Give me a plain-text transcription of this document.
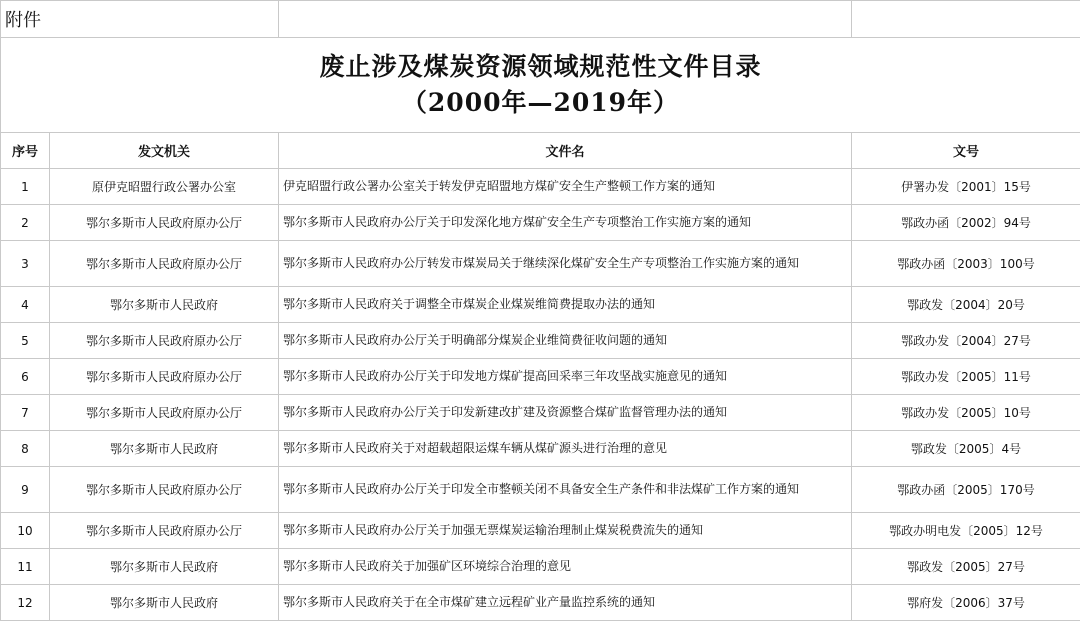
附件			

废止涉及煤炭资源领域规范性文件目录
（2000年—2019年）			

序号	发文机关	文件名	文号
1	原伊克昭盟行政公署办公室	伊克昭盟行政公署办公室关于转发伊克昭盟地方煤矿安全生产整顿工作方案的通知	伊署办发〔2001〕15号
2	鄂尔多斯市人民政府原办公厅	鄂尔多斯市人民政府办公厅关于印发深化地方煤矿安全生产专项整治工作实施方案的通知	鄂政办函〔2002〕94号
3	鄂尔多斯市人民政府原办公厅	鄂尔多斯市人民政府办公厅转发市煤炭局关于继续深化煤矿安全生产专项整治工作实施方案的通知	鄂政办函〔2003〕100号
4	鄂尔多斯市人民政府	鄂尔多斯市人民政府关于调整全市煤炭企业煤炭维简费提取办法的通知	鄂政发〔2004〕20号
5	鄂尔多斯市人民政府原办公厅	鄂尔多斯市人民政府办公厅关于明确部分煤炭企业维简费征收问题的通知	鄂政办发〔2004〕27号
6	鄂尔多斯市人民政府原办公厅	鄂尔多斯市人民政府办公厅关于印发地方煤矿提高回采率三年攻坚战实施意见的通知	鄂政办发〔2005〕11号
7	鄂尔多斯市人民政府原办公厅	鄂尔多斯市人民政府办公厅关于印发新建改扩建及资源整合煤矿监督管理办法的通知	鄂政办发〔2005〕10号
8	鄂尔多斯市人民政府	鄂尔多斯市人民政府关于对超载超限运煤车辆从煤矿源头进行治理的意见	鄂政发〔2005〕4号
9	鄂尔多斯市人民政府原办公厅	鄂尔多斯市人民政府办公厅关于印发全市整顿关闭不具备安全生产条件和非法煤矿工作方案的通知	鄂政办函〔2005〕170号
10	鄂尔多斯市人民政府原办公厅	鄂尔多斯市人民政府办公厅关于加强无票煤炭运输治理制止煤炭税费流失的通知	鄂政办明电发〔2005〕12号
11	鄂尔多斯市人民政府	鄂尔多斯市人民政府关于加强矿区环境综合治理的意见	鄂政发〔2005〕27号
12	鄂尔多斯市人民政府	鄂尔多斯市人民政府关于在全市煤矿建立远程矿业产量监控系统的通知	鄂府发〔2006〕37号
